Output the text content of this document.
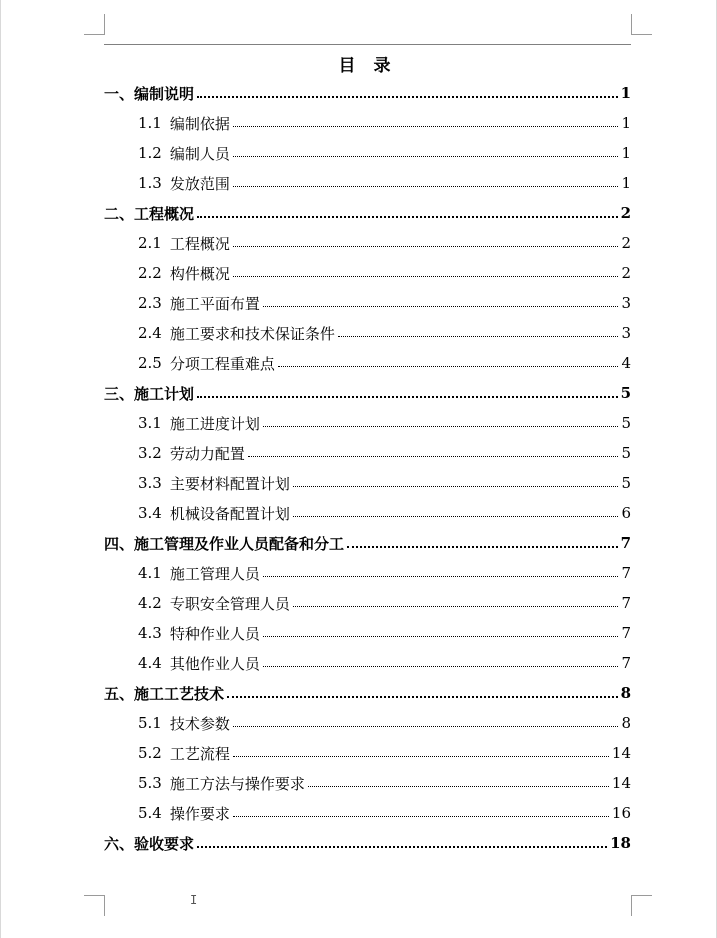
目 录
一、 编制说明	1
1.1 编制依据	1
1.2 编制人员	1
1.3 发放范围	1
二、 工程概况	2
2.1 工程概况	2
2.2 构件概况	2
2.3 施工平面布置	3
2.4 施工要求和技术保证条件	3
2.5 分项工程重难点	4
三、 施工计划	5
3.1 施工进度计划	5
3.2 劳动力配置	5
3.3 主要材料配置计划	5
3.4 机械设备配置计划	6
四、 施工管理及作业人员配备和分工	7
4.1 施工管理人员	7
4.2 专职安全管理人员	7
4.3 特种作业人员	7
4.4 其他作业人员	7
五、 施工工艺技术	8
5.1 技术参数	8
5.2 工艺流程	14
5.3 施工方法与操作要求	14
5.4 操作要求	16
六、 验收要求	18
I
